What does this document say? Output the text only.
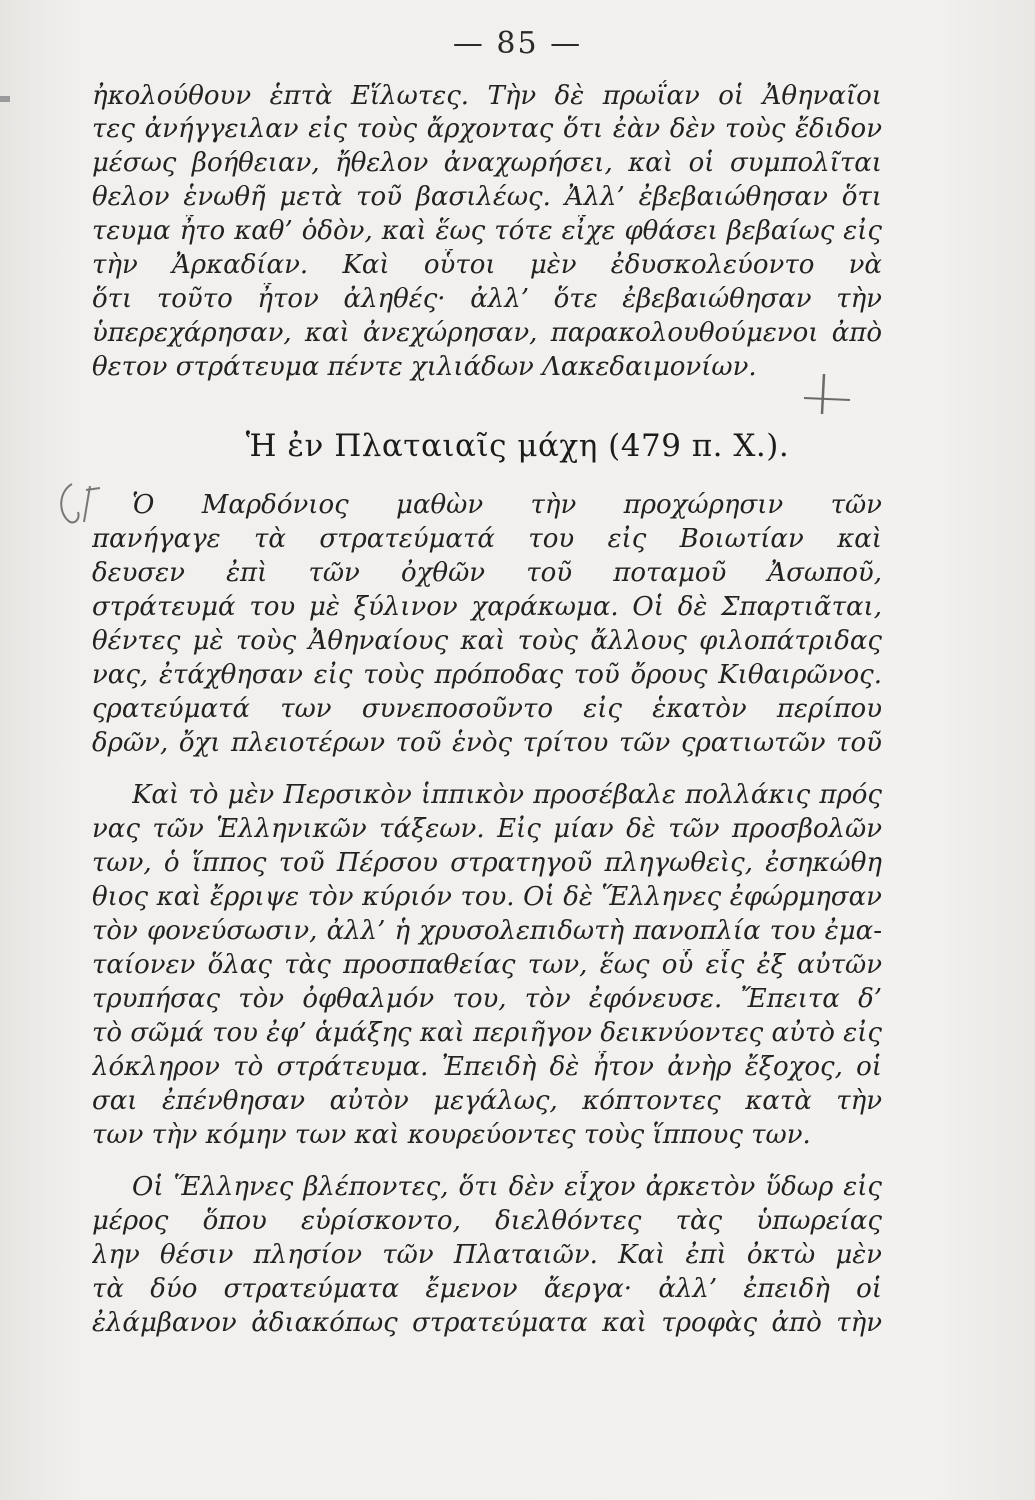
— 85 —
ἠκολούθουν ἑπτὰ Εἵλωτες. Τὴν δὲ πρωΐαν οἱ Ἀθηναῖοι
τες ἀνήγγειλαν εἰς τοὺς ἄρχοντας ὅτι ἐὰν δὲν τοὺς ἔδιδον
μέσως βοήθειαν, ἤθελον ἀναχωρήσει, καὶ οἱ συμπολῖται
θελον ἑνωθῆ μετὰ τοῦ βασιλέως. Ἀλλ’ ἐβεβαιώθησαν ὅτι
τευμα ἦτο καθ’ ὁδὸν, καὶ ἕως τότε εἶχε φθάσει βεβαίως εἰς
τὴν Ἀρκαδίαν. Καὶ οὗτοι μὲν ἐδυσκολεύοντο νὰ
ὅτι τοῦτο ἦτον ἀληθές· ἀλλ’ ὅτε ἐβεβαιώθησαν τὴν
ὑπερεχάρησαν, καὶ ἀνεχώρησαν, παρακολουθούμενοι ἀπὸ
θετον στράτευμα πέντε χιλιάδων Λακεδαιμονίων.
Ἡ ἐν Πλαταιαῖς μάχη (479 π. Χ.).
Ὁ Μαρδόνιος μαθὼν τὴν προχώρησιν τῶν
πανήγαγε τὰ στρατεύματά του εἰς Βοιωτίαν καὶ
δευσεν ἐπὶ τῶν ὀχθῶν τοῦ ποταμοῦ Ἀσωποῦ,
στράτευμά του μὲ ξύλινον χαράκωμα. Οἱ δὲ Σπαρτιᾶται,
θέντες μὲ τοὺς Ἀθηναίους καὶ τοὺς ἄλλους φιλοπάτριδας
νας, ἐτάχθησαν εἰς τοὺς πρόποδας τοῦ ὄρους Κιθαιρῶνος.
ςρατεύματά των συνεποσοῦντο εἰς ἑκατὸν περίπου
δρῶν, ὄχι πλειοτέρων τοῦ ἑνὸς τρίτου τῶν ςρατιωτῶν τοῦ
Καὶ τὸ μὲν Περσικὸν ἱππικὸν προσέβαλε πολλάκις πρός
νας τῶν Ἑλληνικῶν τάξεων. Εἰς μίαν δὲ τῶν προσβολῶν
των, ὁ ἵππος τοῦ Πέρσου στρατηγοῦ πληγωθεὶς, ἐσηκώθη
θιος καὶ ἔρριψε τὸν κύριόν του. Οἱ δὲ Ἕλληνες ἐφώρμησαν
τὸν φονεύσωσιν, ἀλλ’ ἡ χρυσολεπιδωτὴ πανοπλία του ἐμα-
ταίονεν ὅλας τὰς προσπαθείας των, ἕως οὗ εἷς ἐξ αὐτῶν
τρυπήσας τὸν ὀφθαλμόν του, τὸν ἐφόνευσε. Ἔπειτα δ’
τὸ σῶμά του ἐφ’ ἁμάξης καὶ περιῆγον δεικνύοντες αὐτὸ εἰς
λόκληρον τὸ στράτευμα. Ἐπειδὴ δὲ ἦτον ἀνὴρ ἔξοχος, οἱ
σαι ἐπένθησαν αὐτὸν μεγάλως, κόπτοντες κατὰ τὴν
των τὴν κόμην των καὶ κουρεύοντες τοὺς ἵππους των.
Οἱ Ἕλληνες βλέποντες, ὅτι δὲν εἶχον ἀρκετὸν ὕδωρ εἰς
μέρος ὅπου εὑρίσκοντο, διελθόντες τὰς ὑπωρείας
λην θέσιν πλησίον τῶν Πλαταιῶν. Καὶ ἐπὶ ὀκτὼ μὲν
τὰ δύο στρατεύματα ἔμενον ἄεργα· ἀλλ’ ἐπειδὴ οἱ
ἐλάμβανον ἀδιακόπως στρατεύματα καὶ τροφὰς ἀπὸ τὴν
